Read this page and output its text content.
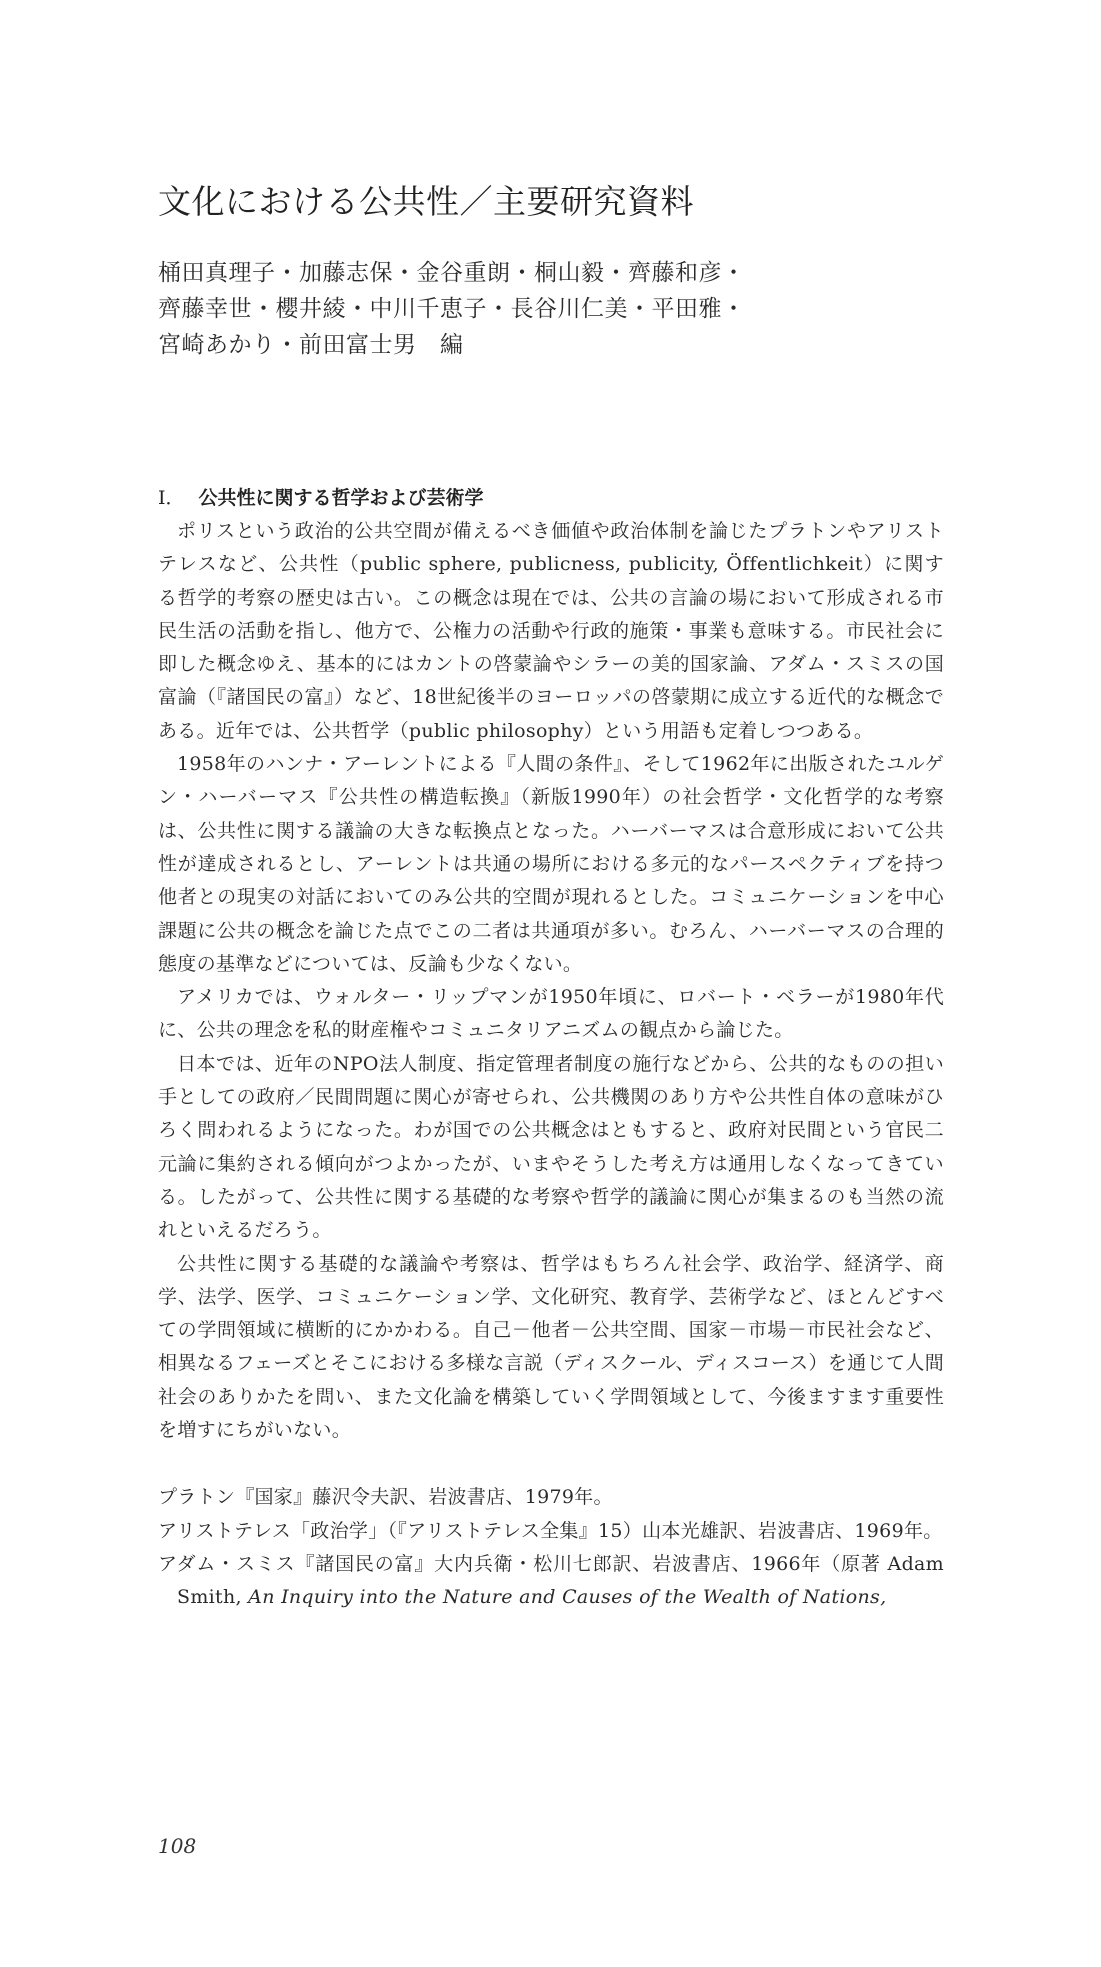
文化における公共性／主要研究資料
桶田真理子・加藤志保・金谷重朗・桐山毅・齊藤和彦・
齊藤幸世・櫻井綾・中川千恵子・長谷川仁美・平田雅・
宮崎あかり・前田富士男　編
Ⅰ． 公共性に関する哲学および芸術学

ポリスという政治的公共空間が備えるべき価値や政治体制を論じたプラトンやアリストテレスなど、公共性（public sphere, publicness, publicity, Öffentlichkeit）に関する哲学的考察の歴史は古い。この概念は現在では、公共の言論の場において形成される市民生活の活動を指し、他方で、公権力の活動や行政的施策・事業も意味する。市民社会に即した概念ゆえ、基本的にはカントの啓蒙論やシラーの美的国家論、アダム・スミスの国富論（『諸国民の富』）など、18世紀後半のヨーロッパの啓蒙期に成立する近代的な概念である。近年では、公共哲学（public philosophy）という用語も定着しつつある。

1958年のハンナ・アーレントによる『人間の条件』、そして1962年に出版されたユルゲン・ハーバーマス『公共性の構造転換』（新版1990年）の社会哲学・文化哲学的な考察は、公共性に関する議論の大きな転換点となった。ハーバーマスは合意形成において公共性が達成されるとし、アーレントは共通の場所における多元的なパースペクティブを持つ他者との現実の対話においてのみ公共的空間が現れるとした。コミュニケーションを中心課題に公共の概念を論じた点でこの二者は共通項が多い。むろん、ハーバーマスの合理的態度の基準などについては、反論も少なくない。

アメリカでは、ウォルター・リップマンが1950年頃に、ロバート・ベラーが1980年代に、公共の理念を私的財産権やコミュニタリアニズムの観点から論じた。

日本では、近年のNPO法人制度、指定管理者制度の施行などから、公共的なものの担い手としての政府／民間問題に関心が寄せられ、公共機関のあり方や公共性自体の意味がひろく問われるようになった。わが国での公共概念はともすると、政府対民間という官民二元論に集約される傾向がつよかったが、いまやそうした考え方は通用しなくなってきている。したがって、公共性に関する基礎的な考察や哲学的議論に関心が集まるのも当然の流れといえるだろう。

公共性に関する基礎的な議論や考察は、哲学はもちろん社会学、政治学、経済学、商学、法学、医学、コミュニケーション学、文化研究、教育学、芸術学など、ほとんどすべての学問領域に横断的にかかわる。自己－他者－公共空間、国家－市場－市民社会など、相異なるフェーズとそこにおける多様な言説（ディスクール、ディスコース）を通じて人間社会のありかたを問い、また文化論を構築していく学問領域として、今後ますます重要性を増すにちがいない。

プラトン『国家』藤沢令夫訳、岩波書店、1979年。

アリストテレス「政治学」（『アリストテレス全集』15）山本光雄訳、岩波書店、1969年。

アダム・スミス『諸国民の富』大内兵衛・松川七郎訳、岩波書店、1966年（原著 Adam Smith, An Inquiry into the Nature and Causes of the Wealth of Nations,

108
